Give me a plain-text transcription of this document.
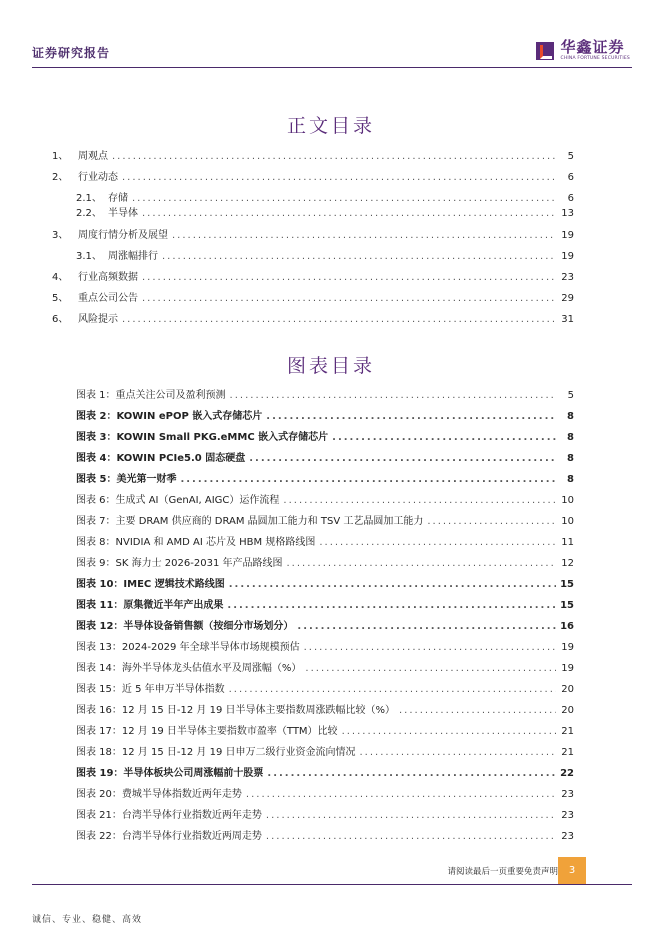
证券研究报告	华鑫证券
CHINA FORTUNE SECURITIES
正文目录
1、 周观点 .....	5
2、 行业动态 .....	6
2.1、 存储 .....	6
2.2、 半导体 .....	13
3、 周度行情分析及展望 .....	19
3.1、 周涨幅排行 .....	19
4、 行业高频数据 .....	23
5、 重点公司公告 .....	29
6、 风险提示 .....	31
图表目录
图表 1：重点关注公司及盈利预测 .....	5
图表 2：KOWIN ePOP 嵌入式存储芯片 .....	8
图表 3：KOWIN Small PKG.eMMC 嵌入式存储芯片 .....	8
图表 4：KOWIN PCIe5.0 固态硬盘 .....	8
图表 5：美光第一财季 .....	8
图表 6：生成式 AI（GenAI, AIGC）运作流程 .....	10
图表 7：主要 DRAM 供应商的 DRAM 晶圆加工能力和 TSV 工艺晶圆加工能力 .....	10
图表 8：NVIDIA 和 AMD AI 芯片及 HBM 规格路线图 .....	11
图表 9：SK 海力士 2026-2031 年产品路线图 .....	12
图表 10：IMEC 逻辑技术路线图 .....	15
图表 11：原集微近半年产出成果 .....	15
图表 12：半导体设备销售额（按细分市场划分） .....	16
图表 13：2024-2029 年全球半导体市场规模预估 .....	19
图表 14：海外半导体龙头估值水平及周涨幅（%） .....	19
图表 15：近 5 年申万半导体指数 .....	20
图表 16：12 月 15 日-12 月 19 日半导体主要指数周涨跌幅比较（%） .....	20
图表 17：12 月 19 日半导体主要指数市盈率（TTM）比较 .....	21
图表 18：12 月 15 日-12 月 19 日申万二级行业资金流向情况 .....	21
图表 19：半导体板块公司周涨幅前十股票 .....	22
图表 20：费城半导体指数近两年走势 .....	23
图表 21：台湾半导体行业指数近两年走势 .....	23
图表 22：台湾半导体行业指数近两周走势 .....	23
请阅读最后一页重要免责声明	3
诚信、专业、稳健、高效
